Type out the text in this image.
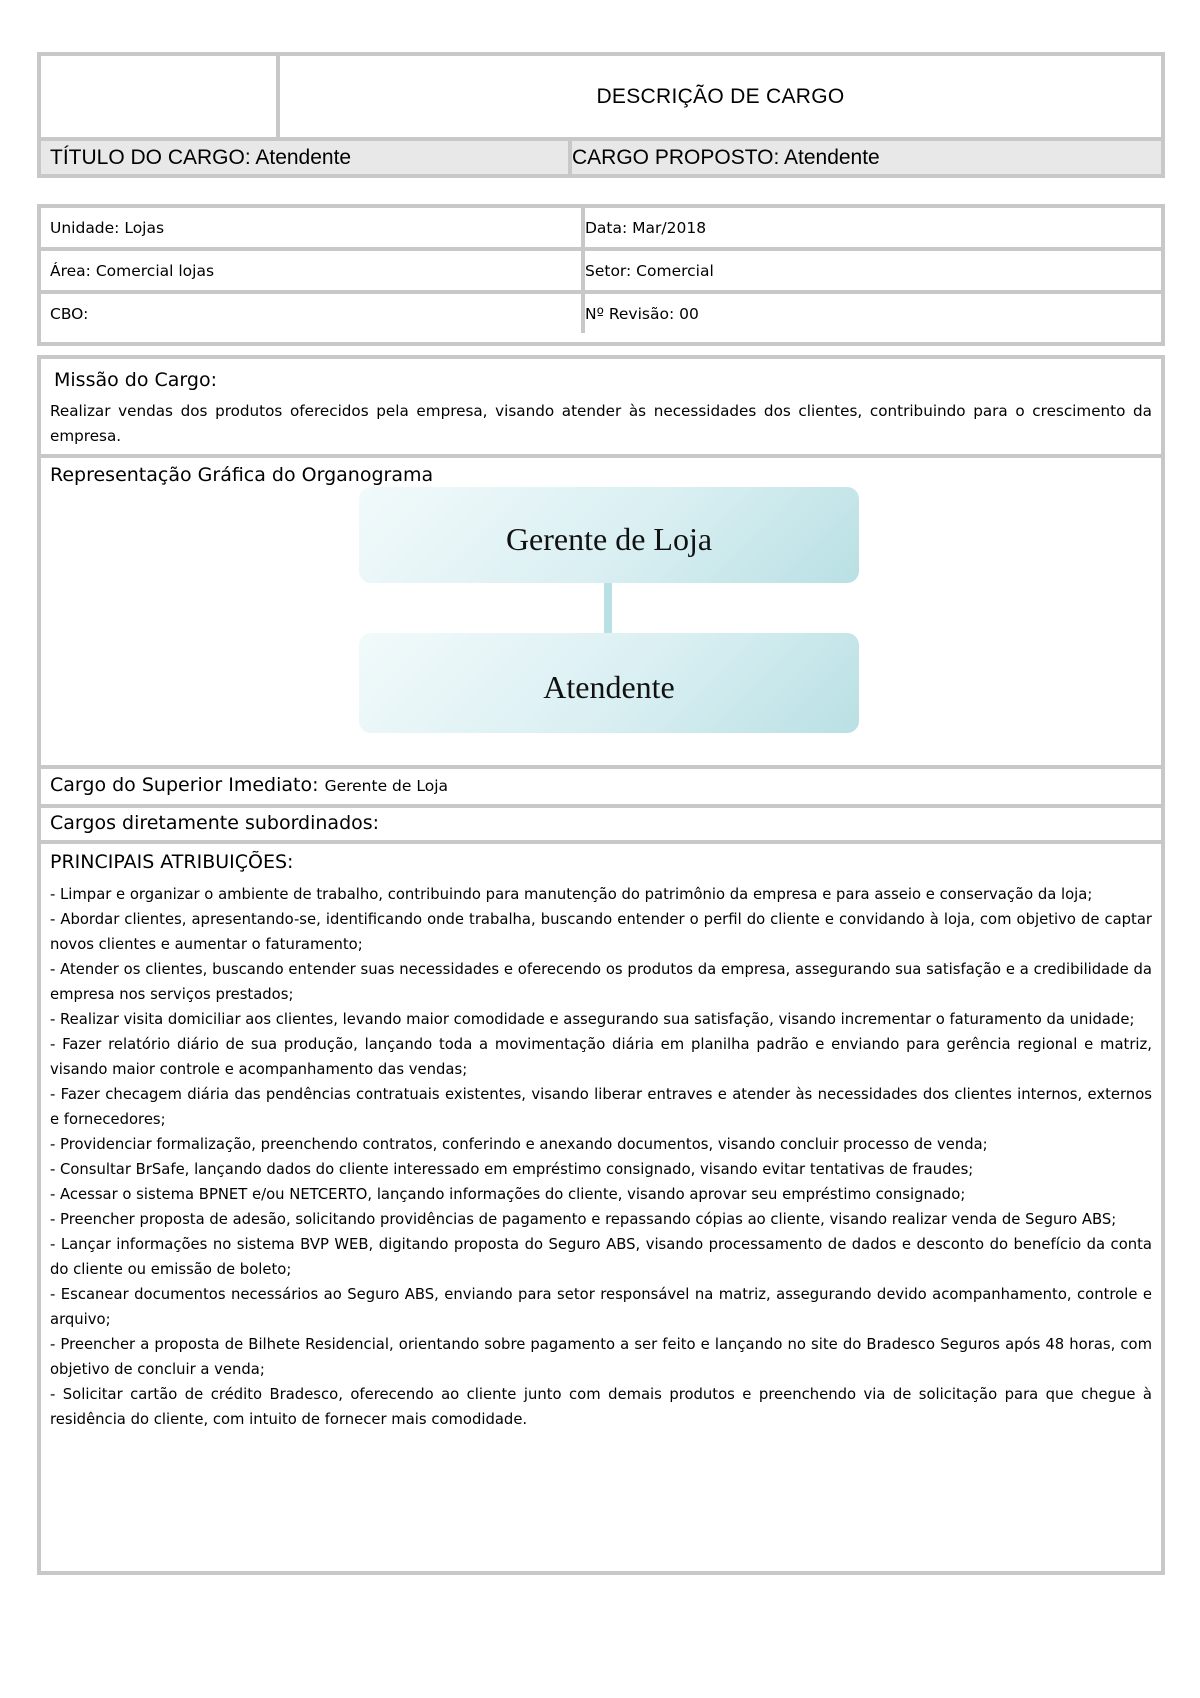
DESCRIÇÃO DE CARGO
TÍTULO DO CARGO: Atendente	CARGO PROPOSTO: Atendente
Unidade: Lojas	Data: Mar/2018
Área: Comercial lojas	Setor: Comercial
CBO:	Nº Revisão: 00
Missão do Cargo:
Realizar vendas dos produtos oferecidos pela empresa, visando atender às necessidades dos clientes, contribuindo para o crescimento da empresa.
Representação Gráfica do Organograma
Gerente de Loja
Atendente
Cargo do Superior Imediato: Gerente de Loja
Cargos diretamente subordinados:
PRINCIPAIS ATRIBUIÇÕES:

- Limpar e organizar o ambiente de trabalho, contribuindo para manutenção do patrimônio da empresa e para asseio e conservação da loja;

- Abordar clientes, apresentando-se, identificando onde trabalha, buscando entender o perfil do cliente e convidando à loja, com objetivo de captar novos clientes e aumentar o faturamento;

- Atender os clientes, buscando entender suas necessidades e oferecendo os produtos da empresa, assegurando sua satisfação e a credibilidade da empresa nos serviços prestados;

- Realizar visita domiciliar aos clientes, levando maior comodidade e assegurando sua satisfação, visando incrementar o faturamento da unidade;

- Fazer relatório diário de sua produção, lançando toda a movimentação diária em planilha padrão e enviando para gerência regional e matriz, visando maior controle e acompanhamento das vendas;

- Fazer checagem diária das pendências contratuais existentes, visando liberar entraves e atender às necessidades dos clientes internos, externos e fornecedores;

- Providenciar formalização, preenchendo contratos, conferindo e anexando documentos, visando concluir processo de venda;

- Consultar BrSafe, lançando dados do cliente interessado em empréstimo consignado, visando evitar tentativas de fraudes;

- Acessar o sistema BPNET e/ou NETCERTO, lançando informações do cliente, visando aprovar seu empréstimo consignado;

- Preencher proposta de adesão, solicitando providências de pagamento e repassando cópias ao cliente, visando realizar venda de Seguro ABS;

- Lançar informações no sistema BVP WEB, digitando proposta do Seguro ABS, visando processamento de dados e desconto do benefício da conta do cliente ou emissão de boleto;

- Escanear documentos necessários ao Seguro ABS, enviando para setor responsável na matriz, assegurando devido acompanhamento, controle e arquivo;

- Preencher a proposta de Bilhete Residencial, orientando sobre pagamento a ser feito e lançando no site do Bradesco Seguros após 48 horas, com objetivo de concluir a venda;

- Solicitar cartão de crédito Bradesco, oferecendo ao cliente junto com demais produtos e preenchendo via de solicitação para que chegue à residência do cliente, com intuito de fornecer mais comodidade.
